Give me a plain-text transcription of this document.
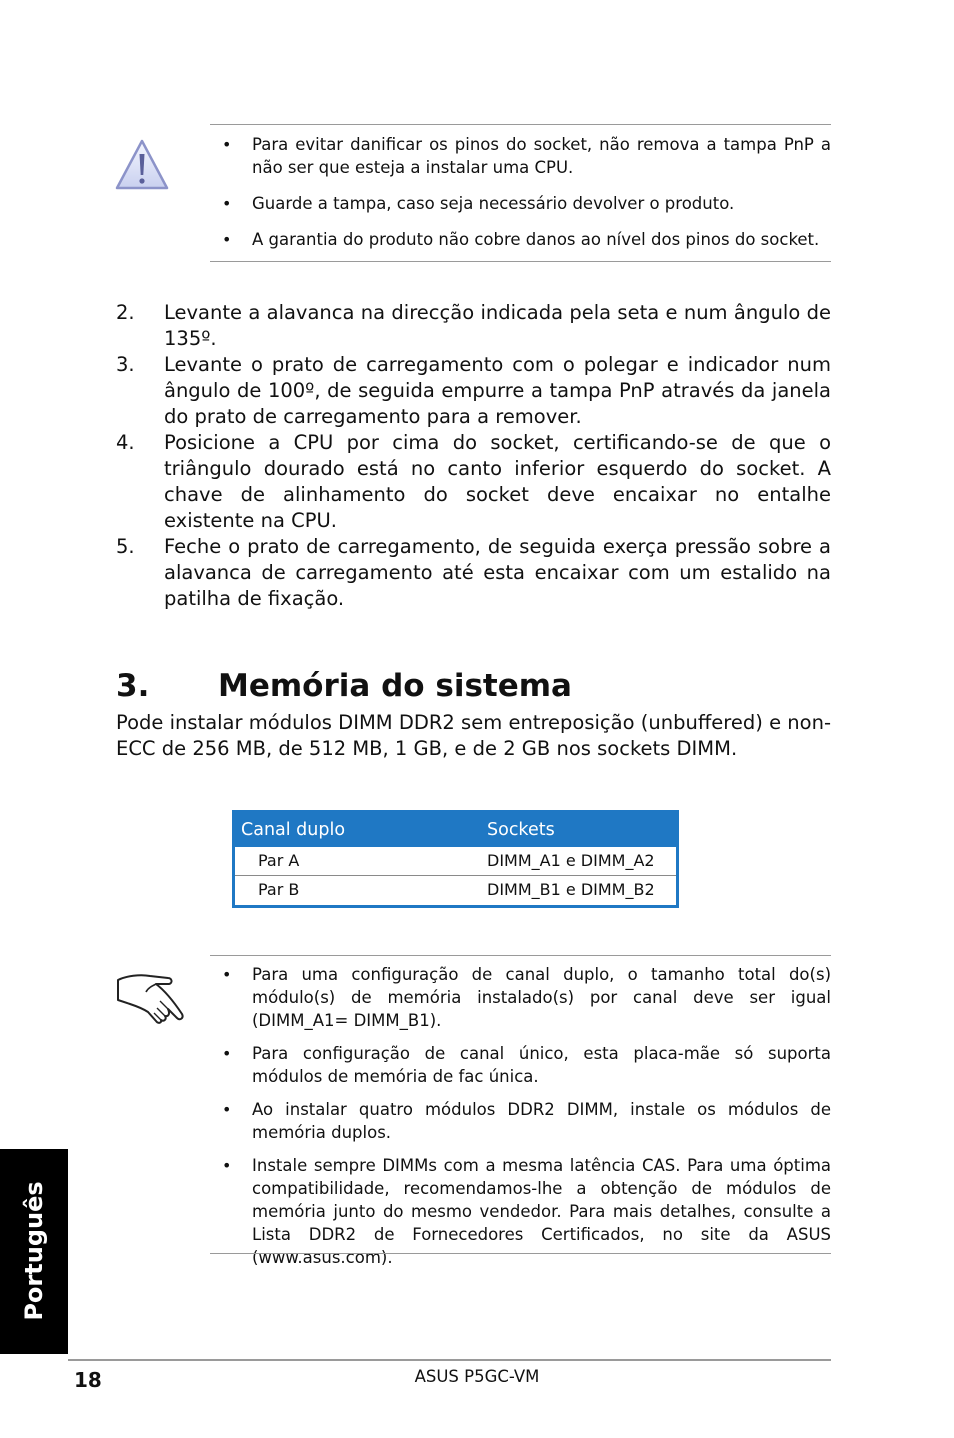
• Para evitar danificar os pinos do socket, não remova a tampa PnP a não ser que esteja a instalar uma CPU.
• Guarde a tampa, caso seja necessário devolver o produto.
• A garantia do produto não cobre danos ao nível dos pinos do socket.
2. Levante a alavanca na direcção indicada pela seta e num ângulo de 135º.
3. Levante o prato de carregamento com o polegar e indicador num ângulo de 100º, de seguida empurre a tampa PnP através da janela do prato de carregamento para a remover.
4. Posicione a CPU por cima do socket, certificando-se de que o triângulo dourado está no canto inferior esquerdo do socket. A chave de alinhamento do socket deve encaixar no entalhe existente na CPU.
5. Feche o prato de carregamento, de seguida exerça pressão sobre a alavanca de carregamento até esta encaixar com um estalido na patilha de fixação.
3. Memória do sistema
Pode instalar módulos DIMM DDR2 sem entreposição (unbuffered) e non-ECC de 256 MB, de 512 MB, 1 GB, e de 2 GB nos sockets DIMM.
Canal duplo	Sockets
Par A	DIMM_A1 e DIMM_A2
Par B	DIMM_B1 e DIMM_B2
• Para uma configuração de canal duplo, o tamanho total do(s) módulo(s) de memória instalado(s) por canal deve ser igual (DIMM_A1= DIMM_B1).
• Para configuração de canal único, esta placa-mãe só suporta módulos de memória de fac única.
• Ao instalar quatro módulos DDR2 DIMM, instale os módulos de memória duplos.
• Instale sempre DIMMs com a mesma latência CAS. Para uma óptima compatibilidade, recomendamos-lhe a obtenção de módulos de memória junto do mesmo vendedor. Para mais detalhes, consulte a Lista DDR2 de Fornecedores Certificados, no site da ASUS (www.asus.com).
Português
18	ASUS P5GC-VM
